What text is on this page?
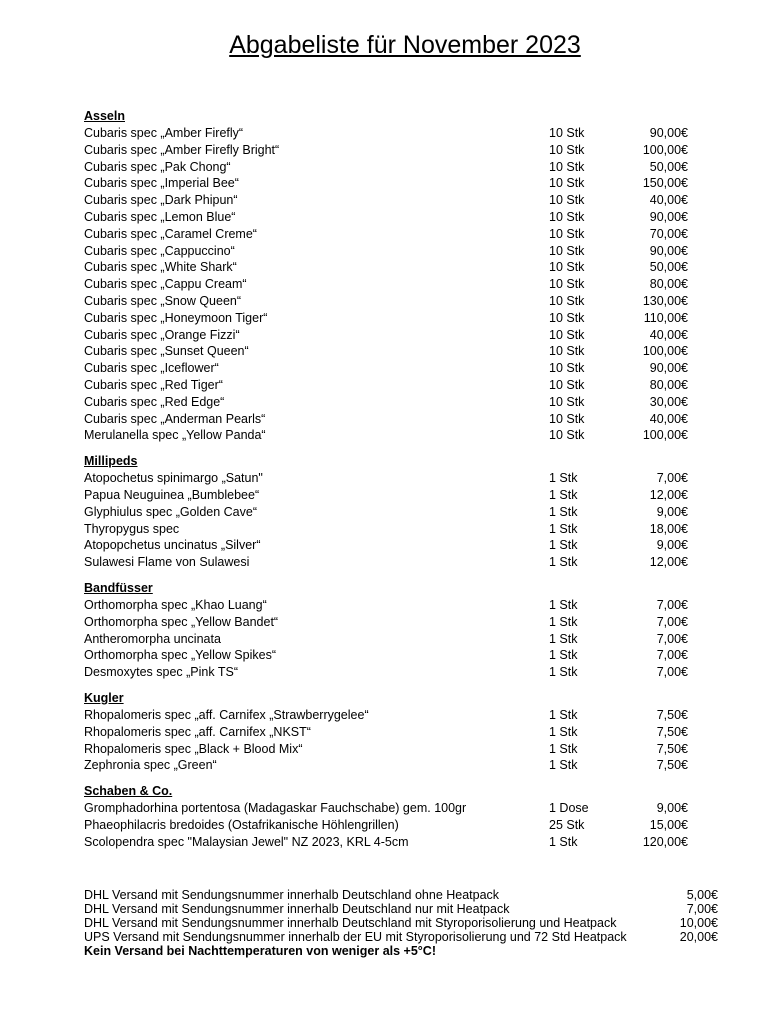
Abgabeliste für November 2023
Asseln
Cubaris spec „Amber Firefly“	10 Stk	90,00€
Cubaris spec „Amber Firefly Bright“	10 Stk	100,00€
Cubaris spec „Pak Chong“	10 Stk	50,00€
Cubaris spec „Imperial Bee“	10 Stk	150,00€
Cubaris spec „Dark Phipun“	10 Stk	40,00€
Cubaris spec „Lemon Blue“	10 Stk	90,00€
Cubaris spec „Caramel Creme“	10 Stk	70,00€
Cubaris spec „Cappuccino“	10 Stk	90,00€
Cubaris spec „White Shark“	10 Stk	50,00€
Cubaris spec „Cappu Cream“	10 Stk	80,00€
Cubaris spec „Snow Queen“	10 Stk	130,00€
Cubaris spec „Honeymoon Tiger“	10 Stk	110,00€
Cubaris spec „Orange Fizzi“	10 Stk	40,00€
Cubaris spec „Sunset Queen“	10 Stk	100,00€
Cubaris spec „Iceflower“	10 Stk	90,00€
Cubaris spec „Red Tiger“	10 Stk	80,00€
Cubaris spec „Red Edge“	10 Stk	30,00€
Cubaris spec „Anderman Pearls“	10 Stk	40,00€
Merulanella spec „Yellow Panda“	10 Stk	100,00€
Millipeds
Atopochetus spinimargo „Satun"	1 Stk	7,00€
Papua Neuguinea „Bumblebee“	1 Stk	12,00€
Glyphiulus spec „Golden Cave“	1 Stk	9,00€
Thyropygus spec	1 Stk	18,00€
Atopopchetus uncinatus „Silver“	1 Stk	9,00€
Sulawesi Flame von Sulawesi	1 Stk	12,00€
Bandfüsser
Orthomorpha spec „Khao Luang“	1 Stk	7,00€
Orthomorpha spec „Yellow Bandet“	1 Stk	7,00€
Antheromorpha uncinata	1 Stk	7,00€
Orthomorpha spec „Yellow Spikes“	1 Stk	7,00€
Desmoxytes spec „Pink TS“	1 Stk	7,00€
Kugler
Rhopalomeris spec „aff. Carnifex „Strawberrygelee“	1 Stk	7,50€
Rhopalomeris spec „aff. Carnifex „NKST“	1 Stk	7,50€
Rhopalomeris spec „Black + Blood Mix“	1 Stk	7,50€
Zephronia spec „Green“	1 Stk	7,50€
Schaben & Co.
Gromphadorhina portentosa (Madagaskar Fauchschabe) gem. 100gr	1 Dose	9,00€
Phaeophilacris bredoides (Ostafrikanische Höhlengrillen)	25 Stk	15,00€
Scolopendra spec "Malaysian Jewel" NZ 2023, KRL 4-5cm	1 Stk	120,00€
DHL Versand mit Sendungsnummer innerhalb Deutschland ohne Heatpack	5,00€
DHL Versand mit Sendungsnummer innerhalb Deutschland nur mit Heatpack	7,00€
DHL Versand mit Sendungsnummer innerhalb Deutschland mit Styroporisolierung und Heatpack	10,00€
UPS Versand mit Sendungsnummer innerhalb der EU mit Styroporisolierung und 72 Std Heatpack	20,00€
Kein Versand bei Nachttemperaturen von weniger als +5°C!
